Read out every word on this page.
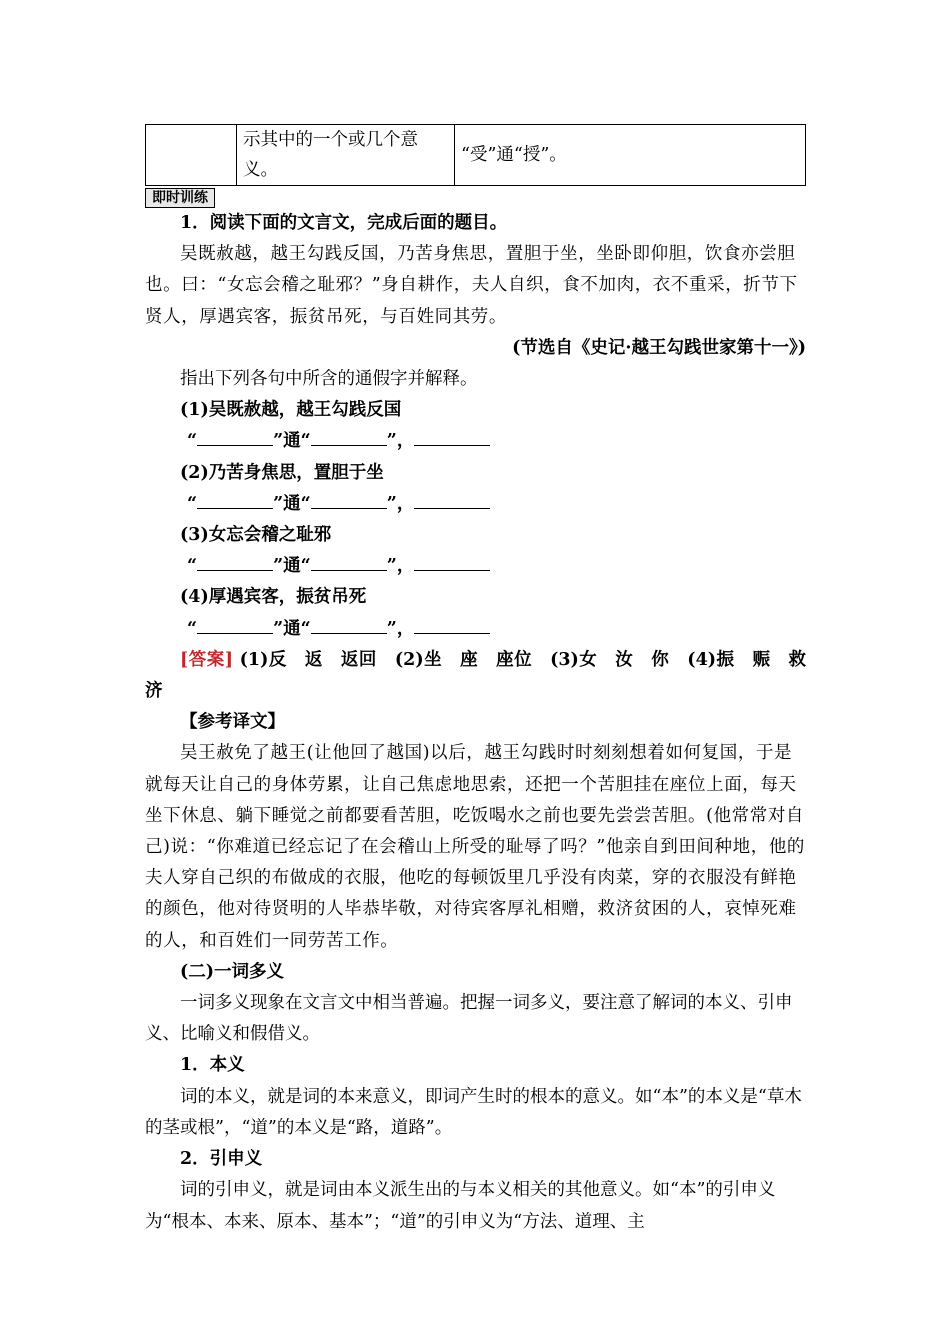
	示其中的一个或几个意义。	“受”通“授”。
即时训练

1．阅读下面的文言文，完成后面的题目。

吴既赦越，越王勾践反国，乃苦身焦思，置胆于坐，坐卧即仰胆，饮食亦尝胆也。曰：“女忘会稽之耻邪？”身自耕作，夫人自织，食不加肉，衣不重采，折节下贤人，厚遇宾客，振贫吊死，与百姓同其劳。

(节选自《史记·越王勾践世家第十一》)

指出下列各句中所含的通假字并解释。

(1)吴既赦越，越王勾践反国

“	”通“	”，

(2)乃苦身焦思，置胆于坐

“	”通“	”，

(3)女忘会稽之耻邪

“	”通“	”，

(4)厚遇宾客，振贫吊死

“	”通“	”，

[答案] (1)反　返　返回　(2)坐　座　座位　(3)女　汝　你　(4)振　赈　救济

【参考译文】

吴王赦免了越王(让他回了越国)以后，越王勾践时时刻刻想着如何复国，于是就每天让自己的身体劳累，让自己焦虑地思索，还把一个苦胆挂在座位上面，每天坐下休息、躺下睡觉之前都要看苦胆，吃饭喝水之前也要先尝尝苦胆。(他常常对自己)说：“你难道已经忘记了在会稽山上所受的耻辱了吗？”他亲自到田间种地，他的夫人穿自己织的布做成的衣服，他吃的每顿饭里几乎没有肉菜，穿的衣服没有鲜艳的颜色，他对待贤明的人毕恭毕敬，对待宾客厚礼相赠，救济贫困的人，哀悼死难的人，和百姓们一同劳苦工作。

(二)一词多义

一词多义现象在文言文中相当普遍。把握一词多义，要注意了解词的本义、引申义、比喻义和假借义。

1．本义

词的本义，就是词的本来意义，即词产生时的根本的意义。如“本”的本义是“草木的茎或根”，“道”的本义是“路，道路”。

2．引申义

词的引申义，就是词由本义派生出的与本义相关的其他意义。如“本”的引申义为“根本、本来、原本、基本”；“道”的引申义为“方法、道理、主
